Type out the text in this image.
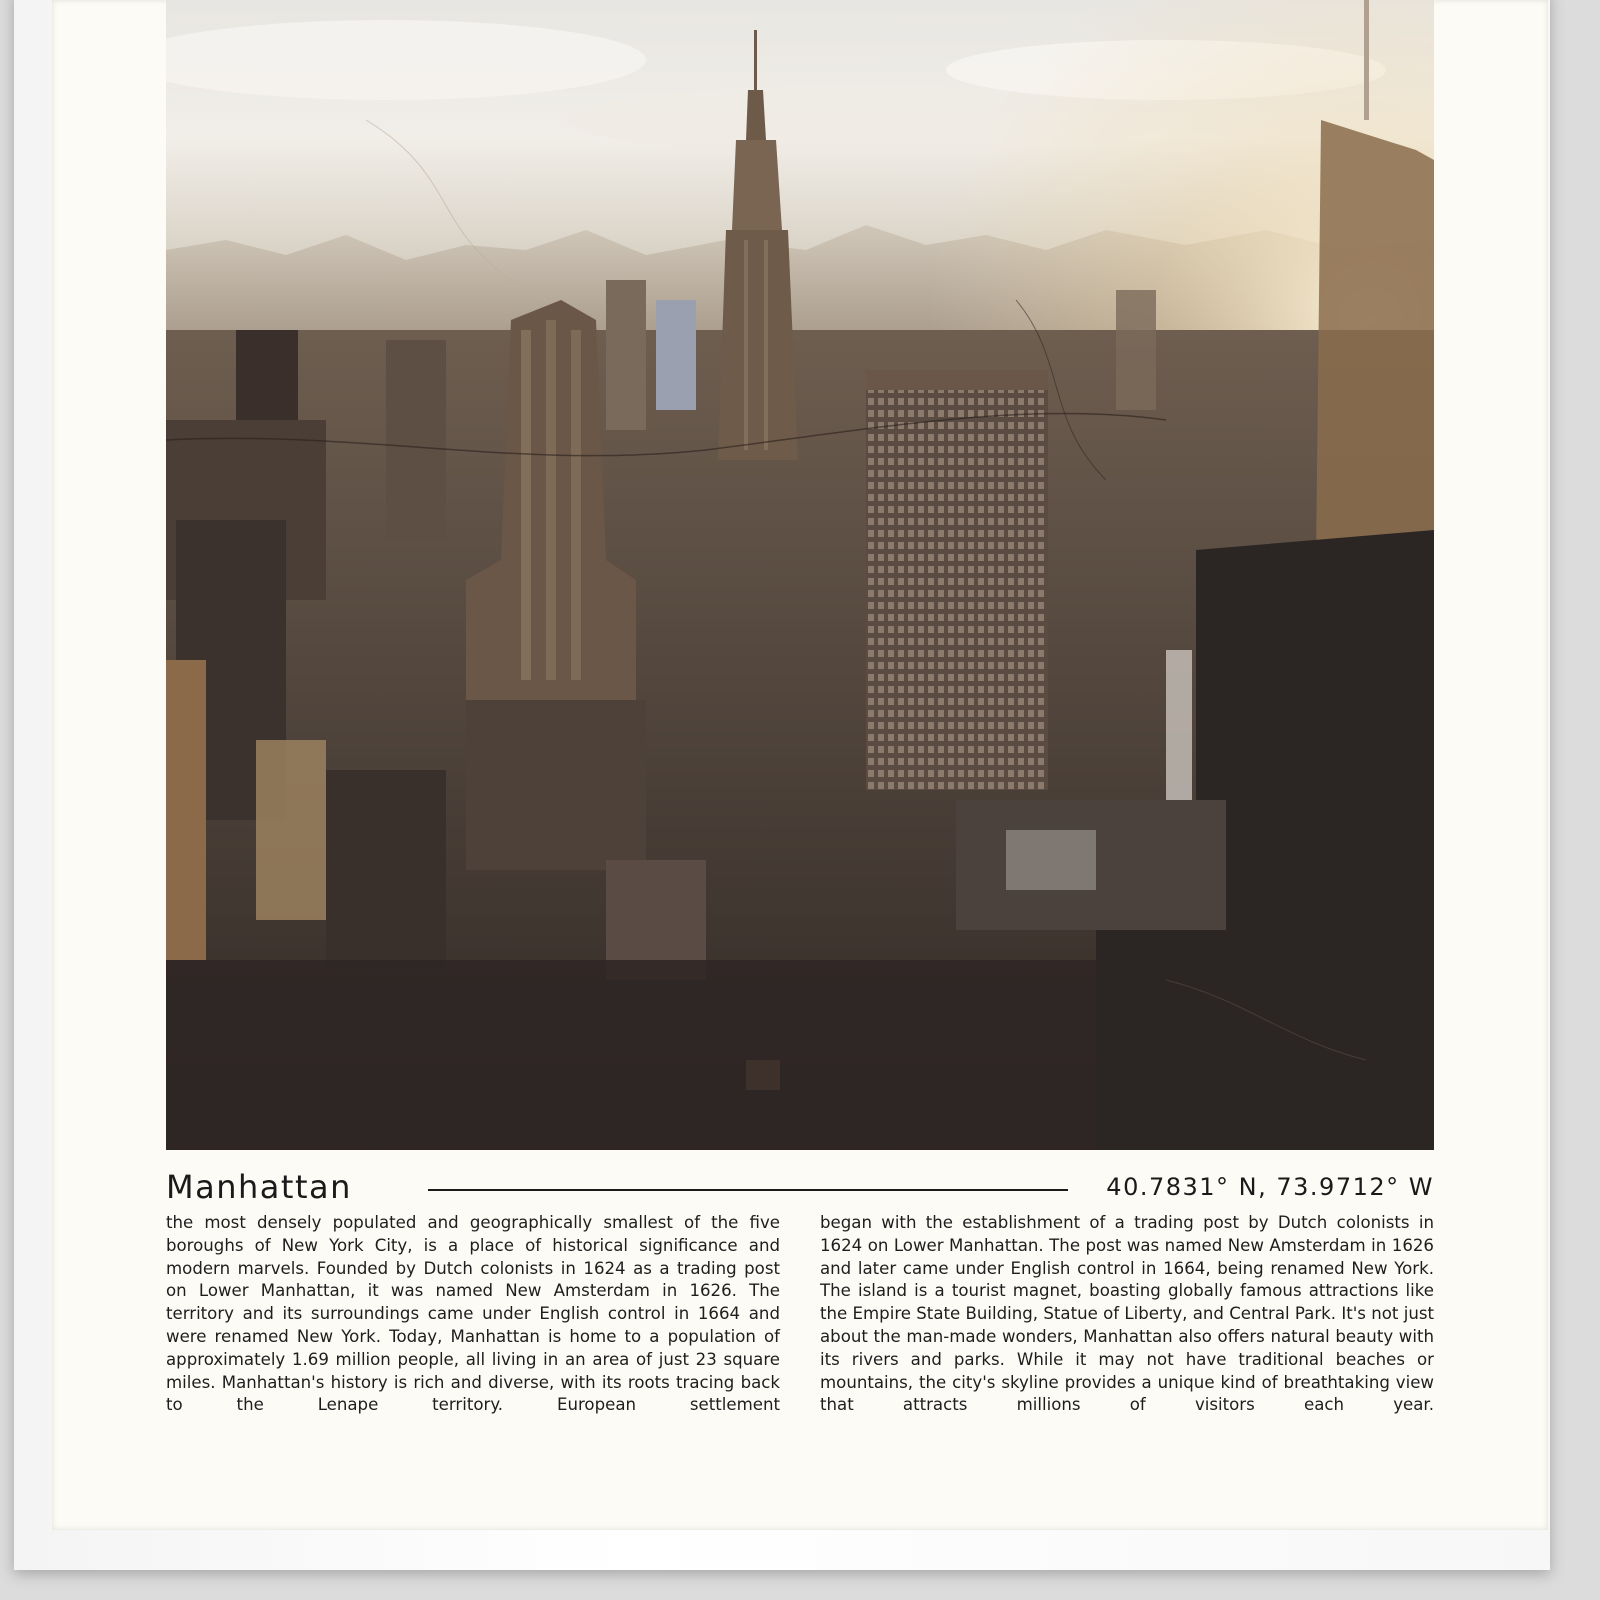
Manhattan	40.7831° N, 73.9712° W
the most densely populated and geographically smallest of the five boroughs of New York City, is a place of historical significance and modern marvels. Founded by Dutch colonists in 1624 as a trading post on Lower Manhattan, it was named New Amsterdam in 1626. The territory and its surroundings came under English control in 1664 and were renamed New York. Today, Manhattan is home to a population of approximately 1.69 million people, all living in an area of just 23 square miles. Manhattan's history is rich and diverse, with its roots tracing back to the Lenape territory. European settlement
began with the establishment of a trading post by Dutch colonists in 1624 on Lower Manhattan. The post was named New Amsterdam in 1626 and later came under English control in 1664, being renamed New York. The island is a tourist magnet, boasting globally famous attractions like the Empire State Building, Statue of Liberty, and Central Park. It's not just about the man-made wonders, Manhattan also offers natural beauty with its rivers and parks. While it may not have traditional beaches or mountains, the city's skyline provides a unique kind of breathtaking view that attracts millions of visitors each year.
